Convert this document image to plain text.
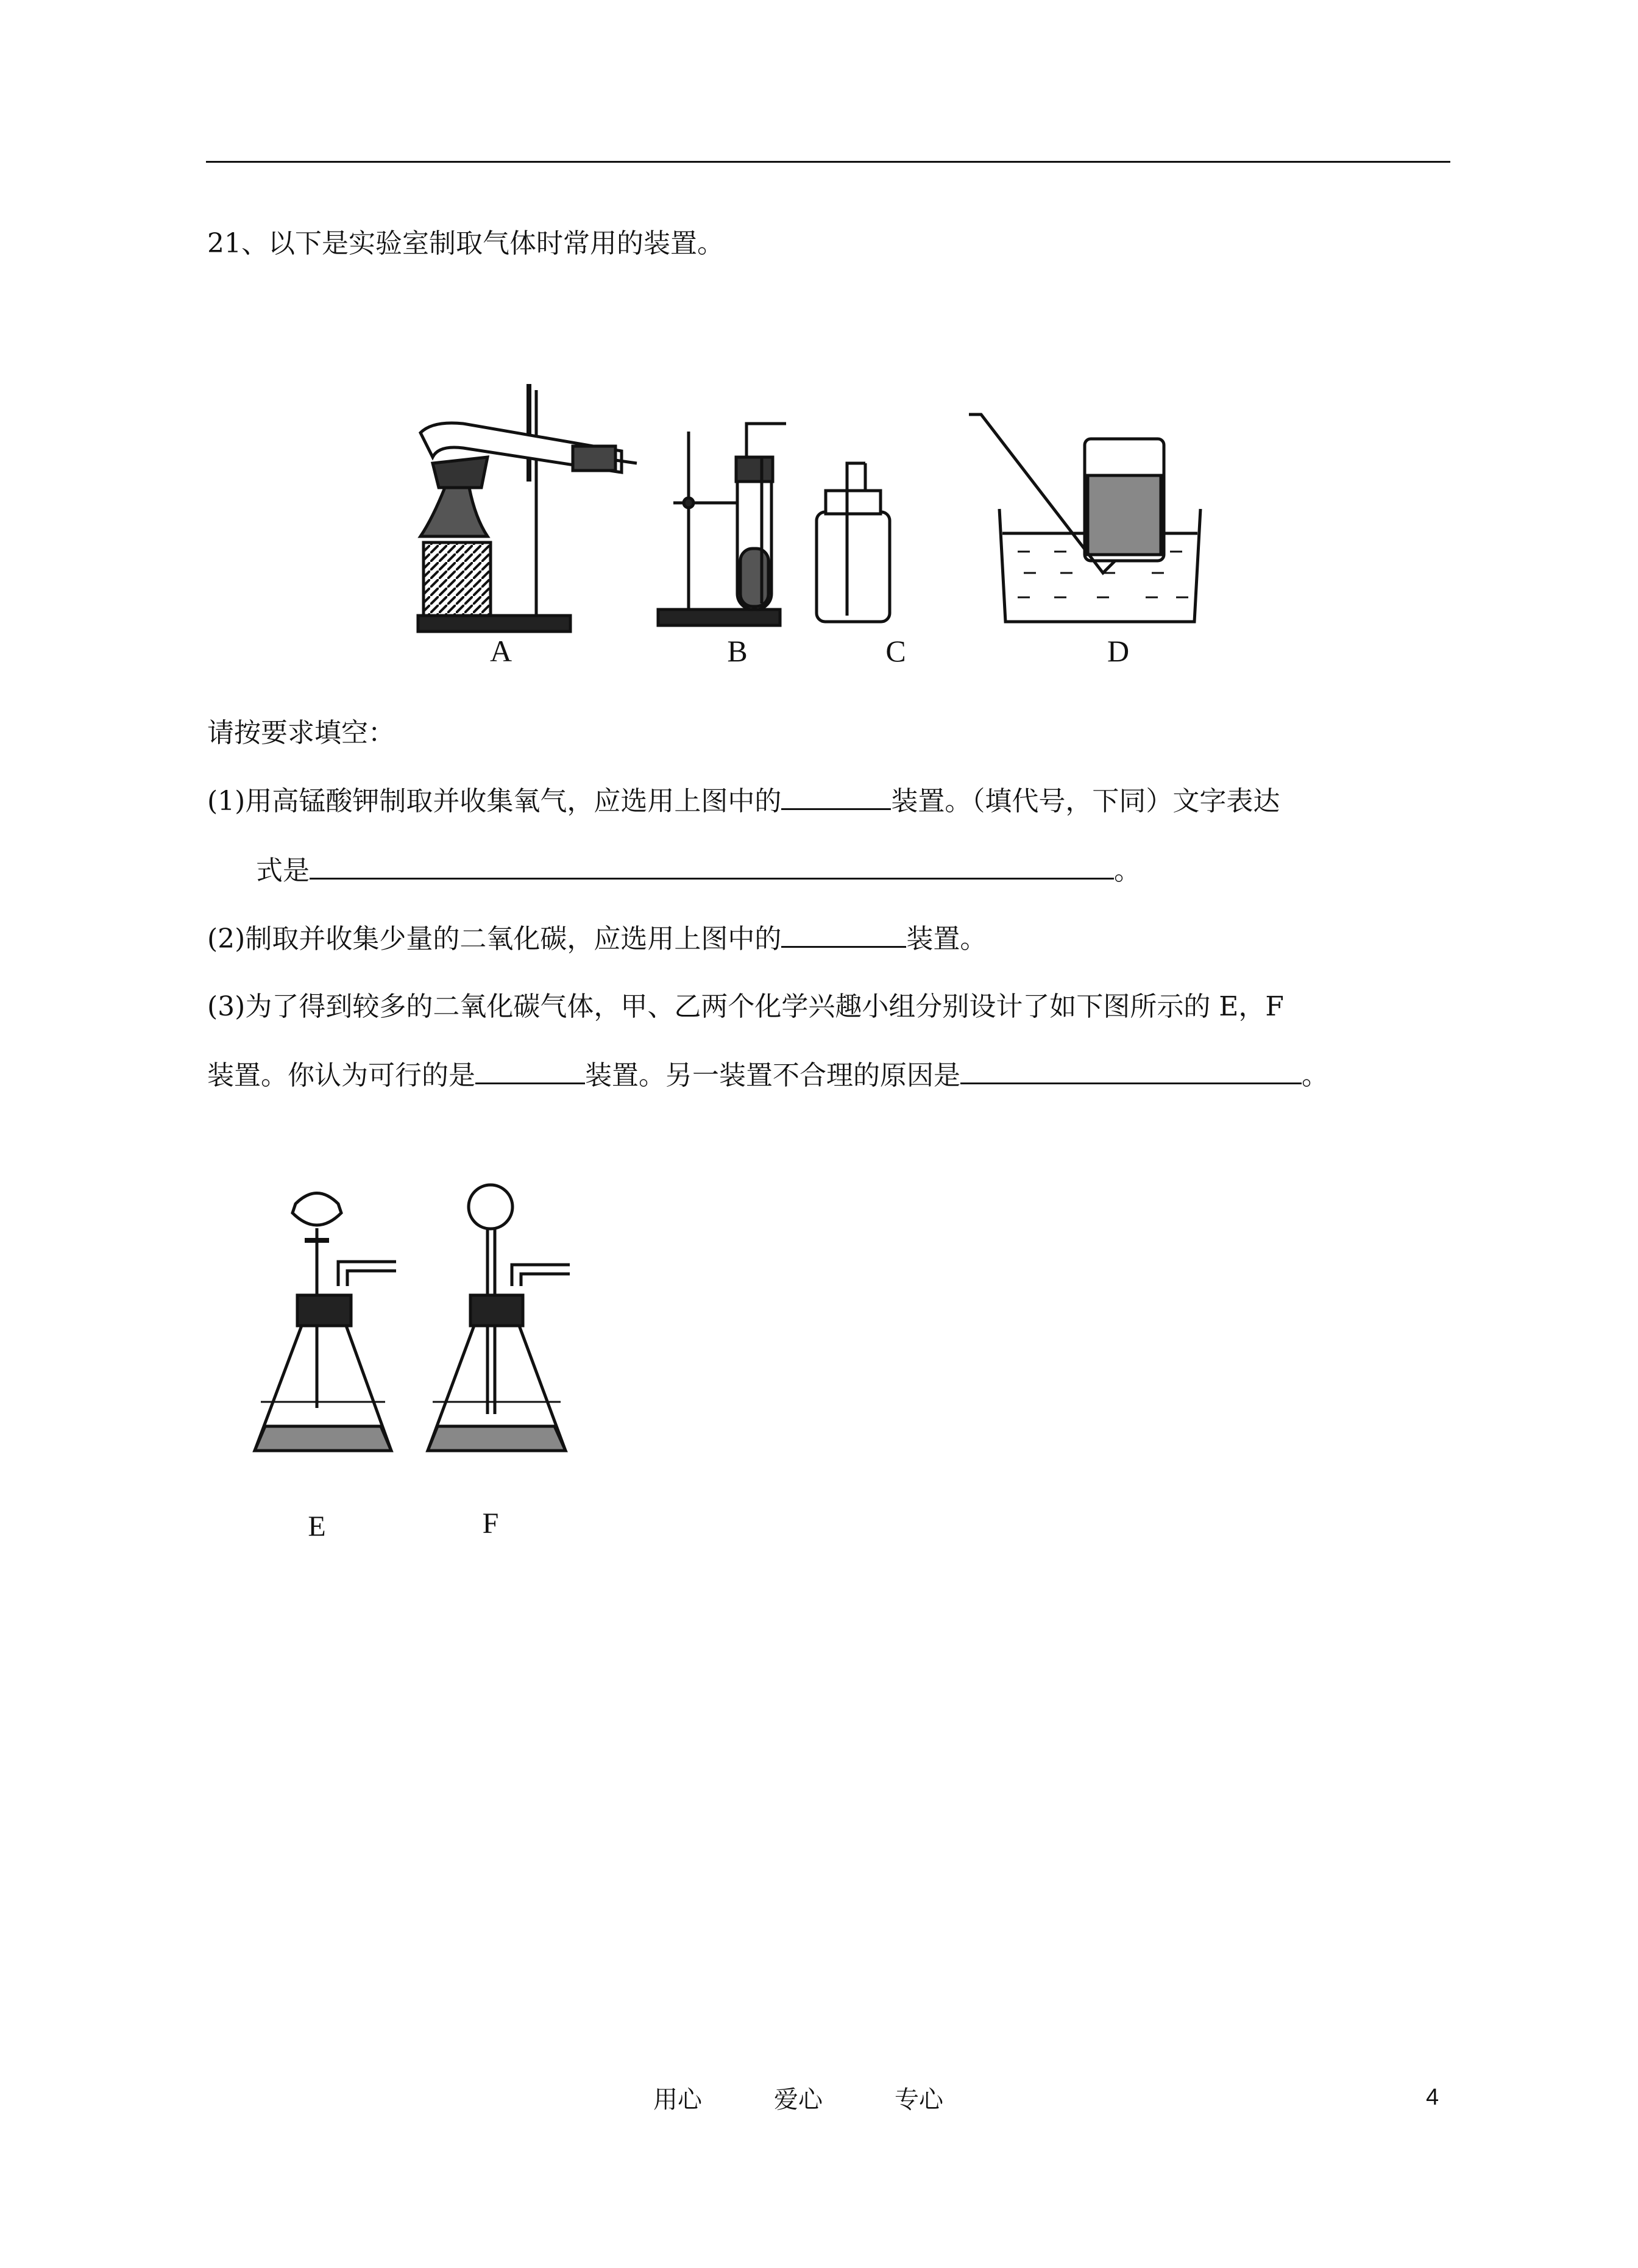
21、以下是实验室制取气体时常用的装置。
A	B	C	D
请按要求填空：
(1)用高锰酸钾制取并收集氧气，应选用上图中的	装置。（填代号，下同）文字表达
式是	。
(2)制取并收集少量的二氧化碳，应选用上图中的	装置。
(3)为了得到较多的二氧化碳气体，甲、乙两个化学兴趣小组分别设计了如下图所示的 E，F
装置。你认为可行的是	装置。另一装置不合理的原因是	。
E	F
用心	爱心	专心	4
